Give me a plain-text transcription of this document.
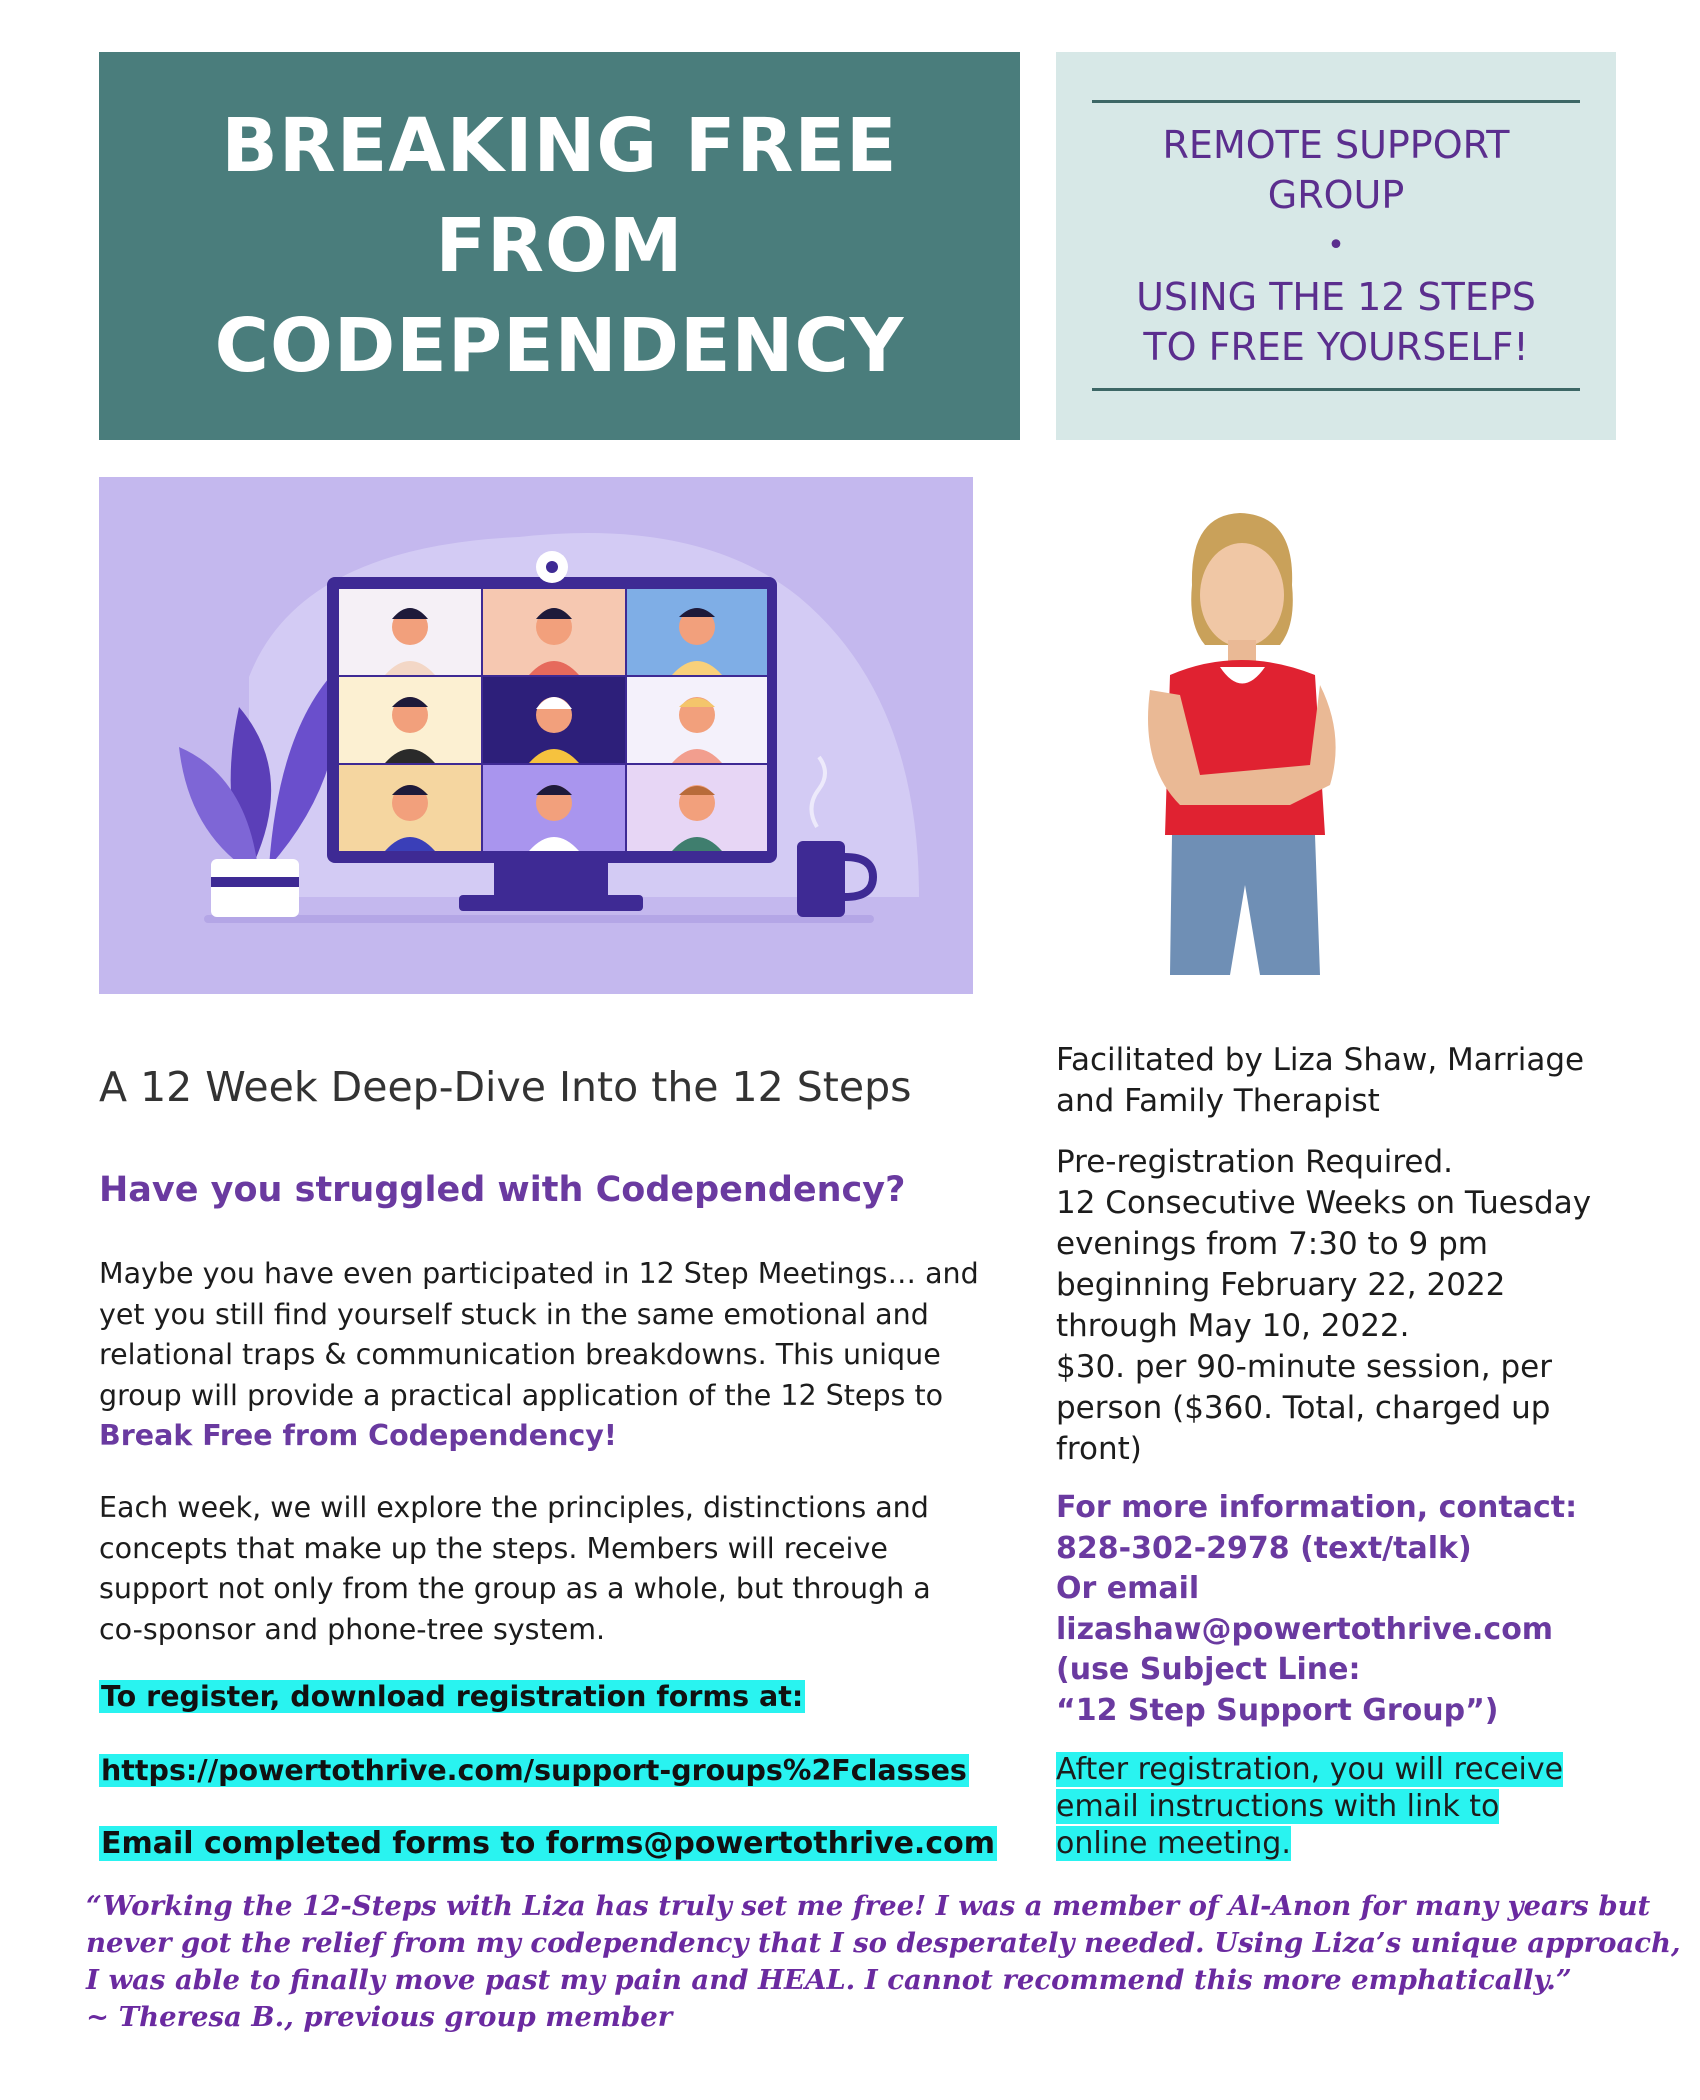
BREAKING FREE FROM
CODEPENDENCY
REMOTE SUPPORT GROUP
•
USING THE 12 STEPS TO FREE YOURSELF!
A 12 Week Deep-Dive Into the 12 Steps
Have you struggled with Codependency?
Maybe you have even participated in 12 Step Meetings… and yet you still find yourself stuck in the same emotional and relational traps & communication breakdowns. This unique group will provide a practical application of the 12 Steps to Break Free from Codependency!
Each week, we will explore the principles, distinctions and concepts that make up the steps. Members will receive support not only from the group as a whole, but through a co-sponsor and phone-tree system.
To register, download registration forms at:
https://powertothrive.com/support-groups%2Fclasses
Email completed forms to forms@powertothrive.com
Facilitated by Liza Shaw, Marriage and Family Therapist
Pre-registration Required.
12 Consecutive Weeks on Tuesday evenings from 7:30 to 9 pm beginning February 22, 2022 through May 10, 2022.
$30. per 90-minute session, per person ($360. Total, charged up front)
For more information, contact:
828-302-2978 (text/talk)
Or email
lizashaw@powertothrive.com (use Subject Line:
“12 Step Support Group”)
After registration, you will receive email instructions with link to online meeting.
“Working the 12-Steps with Liza has truly set me free! I was a member of Al-Anon for many years but never got the relief from my codependency that I so desperately needed. Using Liza’s unique approach, I was able to finally move past my pain and HEAL. I cannot recommend this more emphatically.”
~ Theresa B., previous group member
